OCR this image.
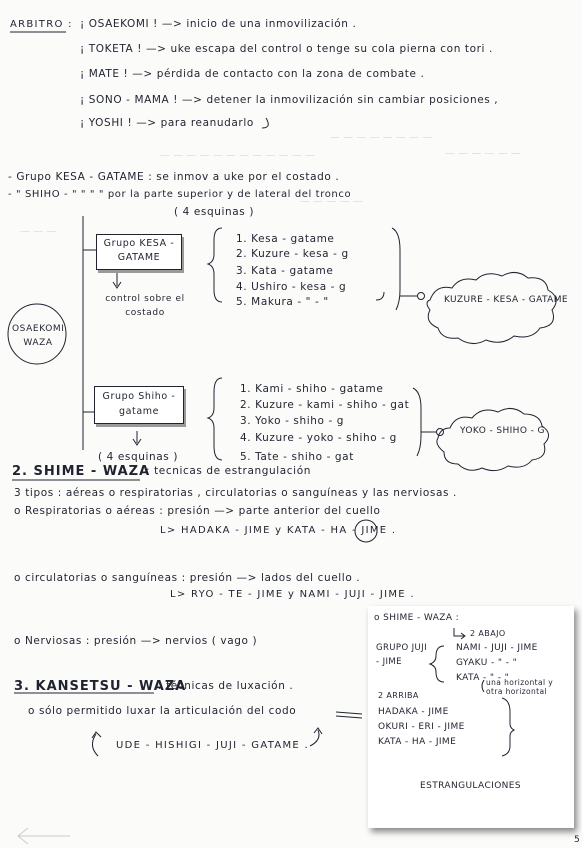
— — — — — — — —
— — — — — —
— — — — — — — — — — — —
— — — — —
— — —
ARBITRO : ¡ OSAEKOMI ! —> inicio de una inmovilización .
¡ TOKETA ! —> uke escapa del control o tenge su cola pierna con tori .
¡ MATE ! —> pérdida de contacto con la zona de combate .
¡ SONO - MAMA ! —> detener la inmovilización sin cambiar posiciones ,
¡ YOSHI ! —> para reanudarlo
- Grupo KESA - GATAME : se inmov a uke por el costado .
- " SHIHO - " " " " por la parte superior y de lateral del tronco
( 4 esquinas )
OSAEKOMI WAZA
Grupo KESA - GATAME
control sobre el costado
1. Kesa - gatame
2. Kuzure - kesa - g
3. Kata - gatame
4. Ushiro - kesa - g
5. Makura - " - "	KUZURE - KESA - GATAME
Grupo Shiho - gatame
( 4 esquinas )
1. Kami - shiho - gatame
2. Kuzure - kami - shiho - gat
3. Yoko - shiho - g
4. Kuzure - yoko - shiho - g
5. Tate - shiho - gat
YOKO - SHIHO - G
2. SHIME - WAZA
: tecnicas de estrangulación
3 tipos : aéreas o respiratorias , circulatorias o sanguíneas y las nerviosas .
o Respiratorias o aéreas : presión —> parte anterior del cuello
L> HADAKA - JIME y KATA - HA - JIME .
o circulatorias o sanguíneas : presión —> lados del cuello .
L> RYO - TE - JIME y NAMI - JUJI - JIME .
o Nerviosas : presión —> nervios ( vago )
3. KANSETSU - WAZA
: técnicas de luxación .
o sólo permitido luxar la articulación del codo
UDE - HISHIGI - JUJI - GATAME .
o SHIME - WAZA :
2 ABAJO
GRUPO JUJI - JIME
NAMI - JUJI - JIME
GYAKU - " - "
KATA - " - "
2 ARRIBA
una horizontal y otra horizontal
HADAKA - JIME
OKURI - ERI - JIME
KATA - HA - JIME
ESTRANGULACIONES
5
